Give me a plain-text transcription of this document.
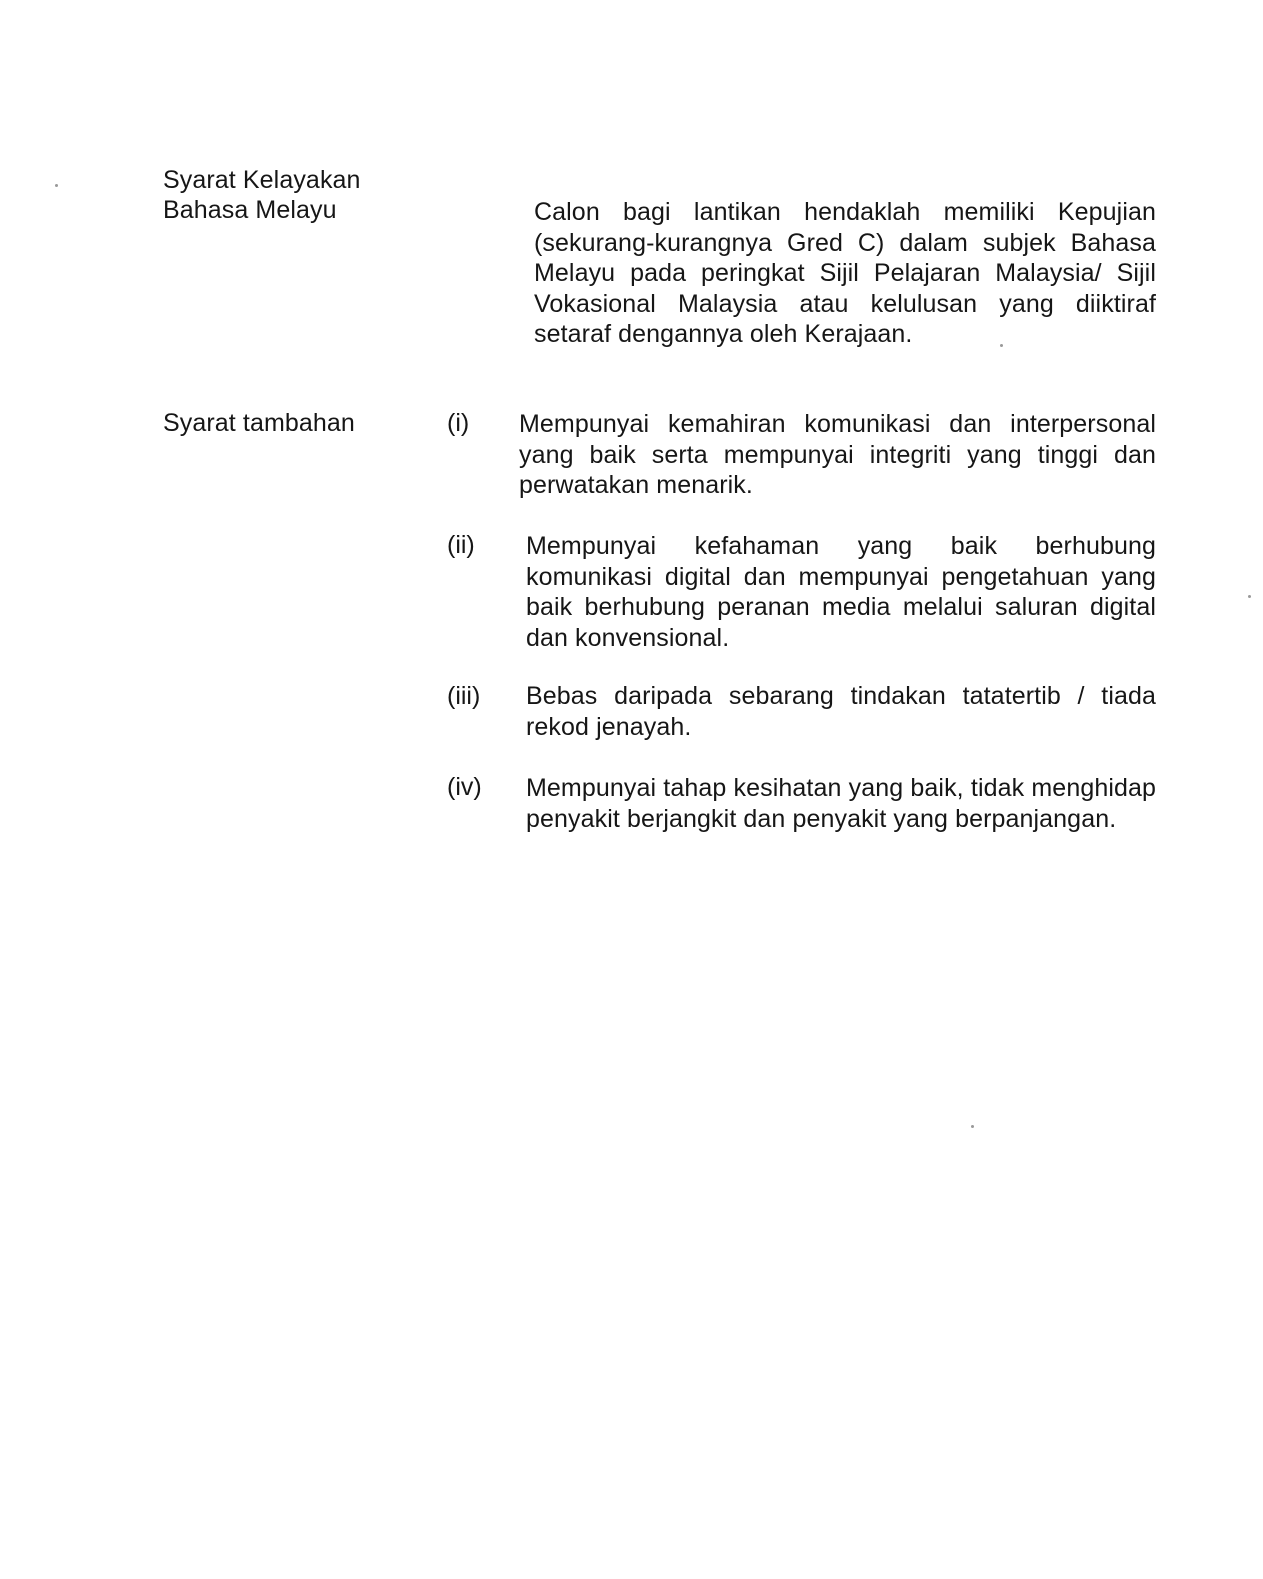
Syarat Kelayakan
Bahasa Melayu	Calon bagi lantikan hendaklah memiliki Kepujian (sekurang-kurangnya Gred C) dalam subjek Bahasa Melayu pada peringkat Sijil Pelajaran Malaysia/ Sijil Vokasional Malaysia atau kelulusan yang diiktiraf setaraf dengannya oleh Kerajaan.
Syarat tambahan	(i) Mempunyai kemahiran komunikasi dan interpersonal yang baik serta mempunyai integriti yang tinggi dan perwatakan menarik.
(ii) Mempunyai kefahaman yang baik berhubung komunikasi digital dan mempunyai pengetahuan yang baik berhubung peranan media melalui saluran digital dan konvensional.
(iii) Bebas daripada sebarang tindakan tatatertib / tiada rekod jenayah.
(iv) Mempunyai tahap kesihatan yang baik, tidak menghidap penyakit berjangkit dan penyakit yang berpanjangan.
